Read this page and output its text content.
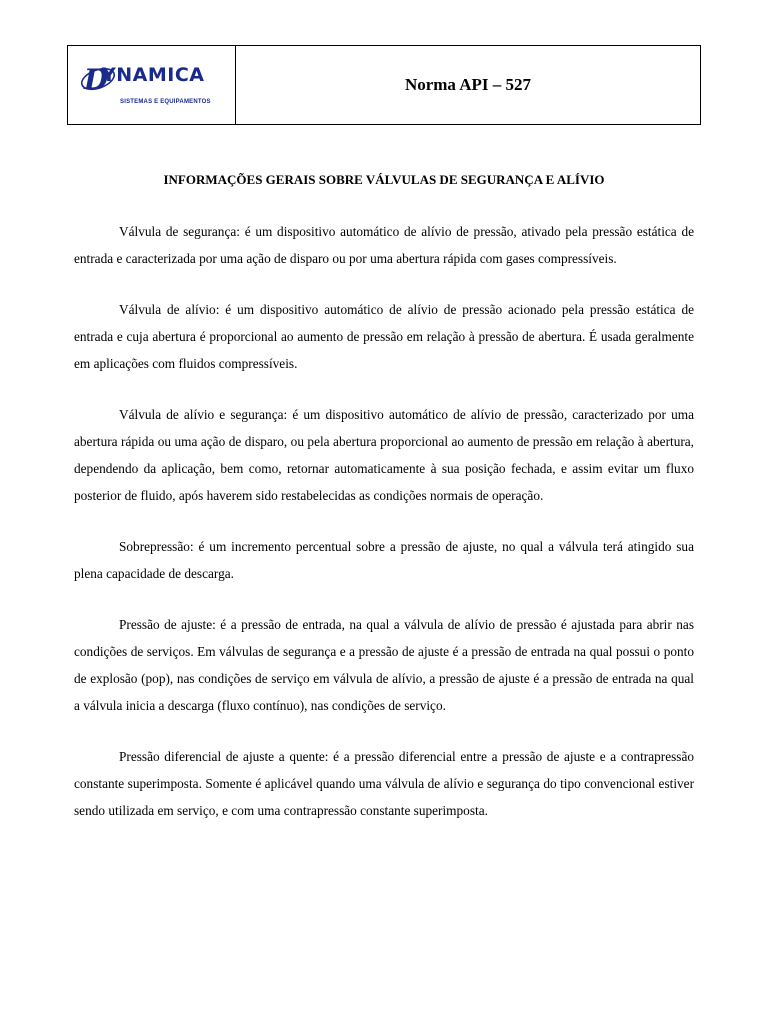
D
YNAMICA
SISTEMAS E EQUIPAMENTOS
Norma API – 527
INFORMAÇÕES GERAIS SOBRE VÁLVULAS DE SEGURANÇA E ALÍVIO

Válvula de segurança: é um dispositivo automático de alívio de pressão, ativado pela pressão estática de entrada e caracterizada por uma ação de disparo ou por uma abertura rápida com gases compressíveis.

Válvula de alívio: é um dispositivo automático de alívio de pressão acionado pela pressão estática de entrada e cuja abertura é proporcional ao aumento de pressão em relação à pressão de abertura. É usada geralmente em aplicações com fluidos compressíveis.

Válvula de alívio e segurança: é um dispositivo automático de alívio de pressão, caracterizado por uma abertura rápida ou uma ação de disparo, ou pela abertura proporcional ao aumento de pressão em relação à abertura, dependendo da aplicação, bem como, retornar automaticamente à sua posição fechada, e assim evitar um fluxo posterior de fluido, após haverem sido restabelecidas as condições normais de operação.

Sobrepressão: é um incremento percentual sobre a pressão de ajuste, no qual a válvula terá atingido sua plena capacidade de descarga.

Pressão de ajuste: é a pressão de entrada, na qual a válvula de alívio de pressão é ajustada para abrir nas condições de serviços. Em válvulas de segurança e a pressão de ajuste é a pressão de entrada na qual possui o ponto de explosão (pop), nas condições de serviço em válvula de alívio, a pressão de ajuste é a pressão de entrada na qual a válvula inicia a descarga (fluxo contínuo), nas condições de serviço.

Pressão diferencial de ajuste a quente: é a pressão diferencial entre a pressão de ajuste e a contrapressão constante superimposta. Somente é aplicável quando uma válvula de alívio e segurança do tipo convencional estiver sendo utilizada em serviço, e com uma contrapressão constante superimposta.
